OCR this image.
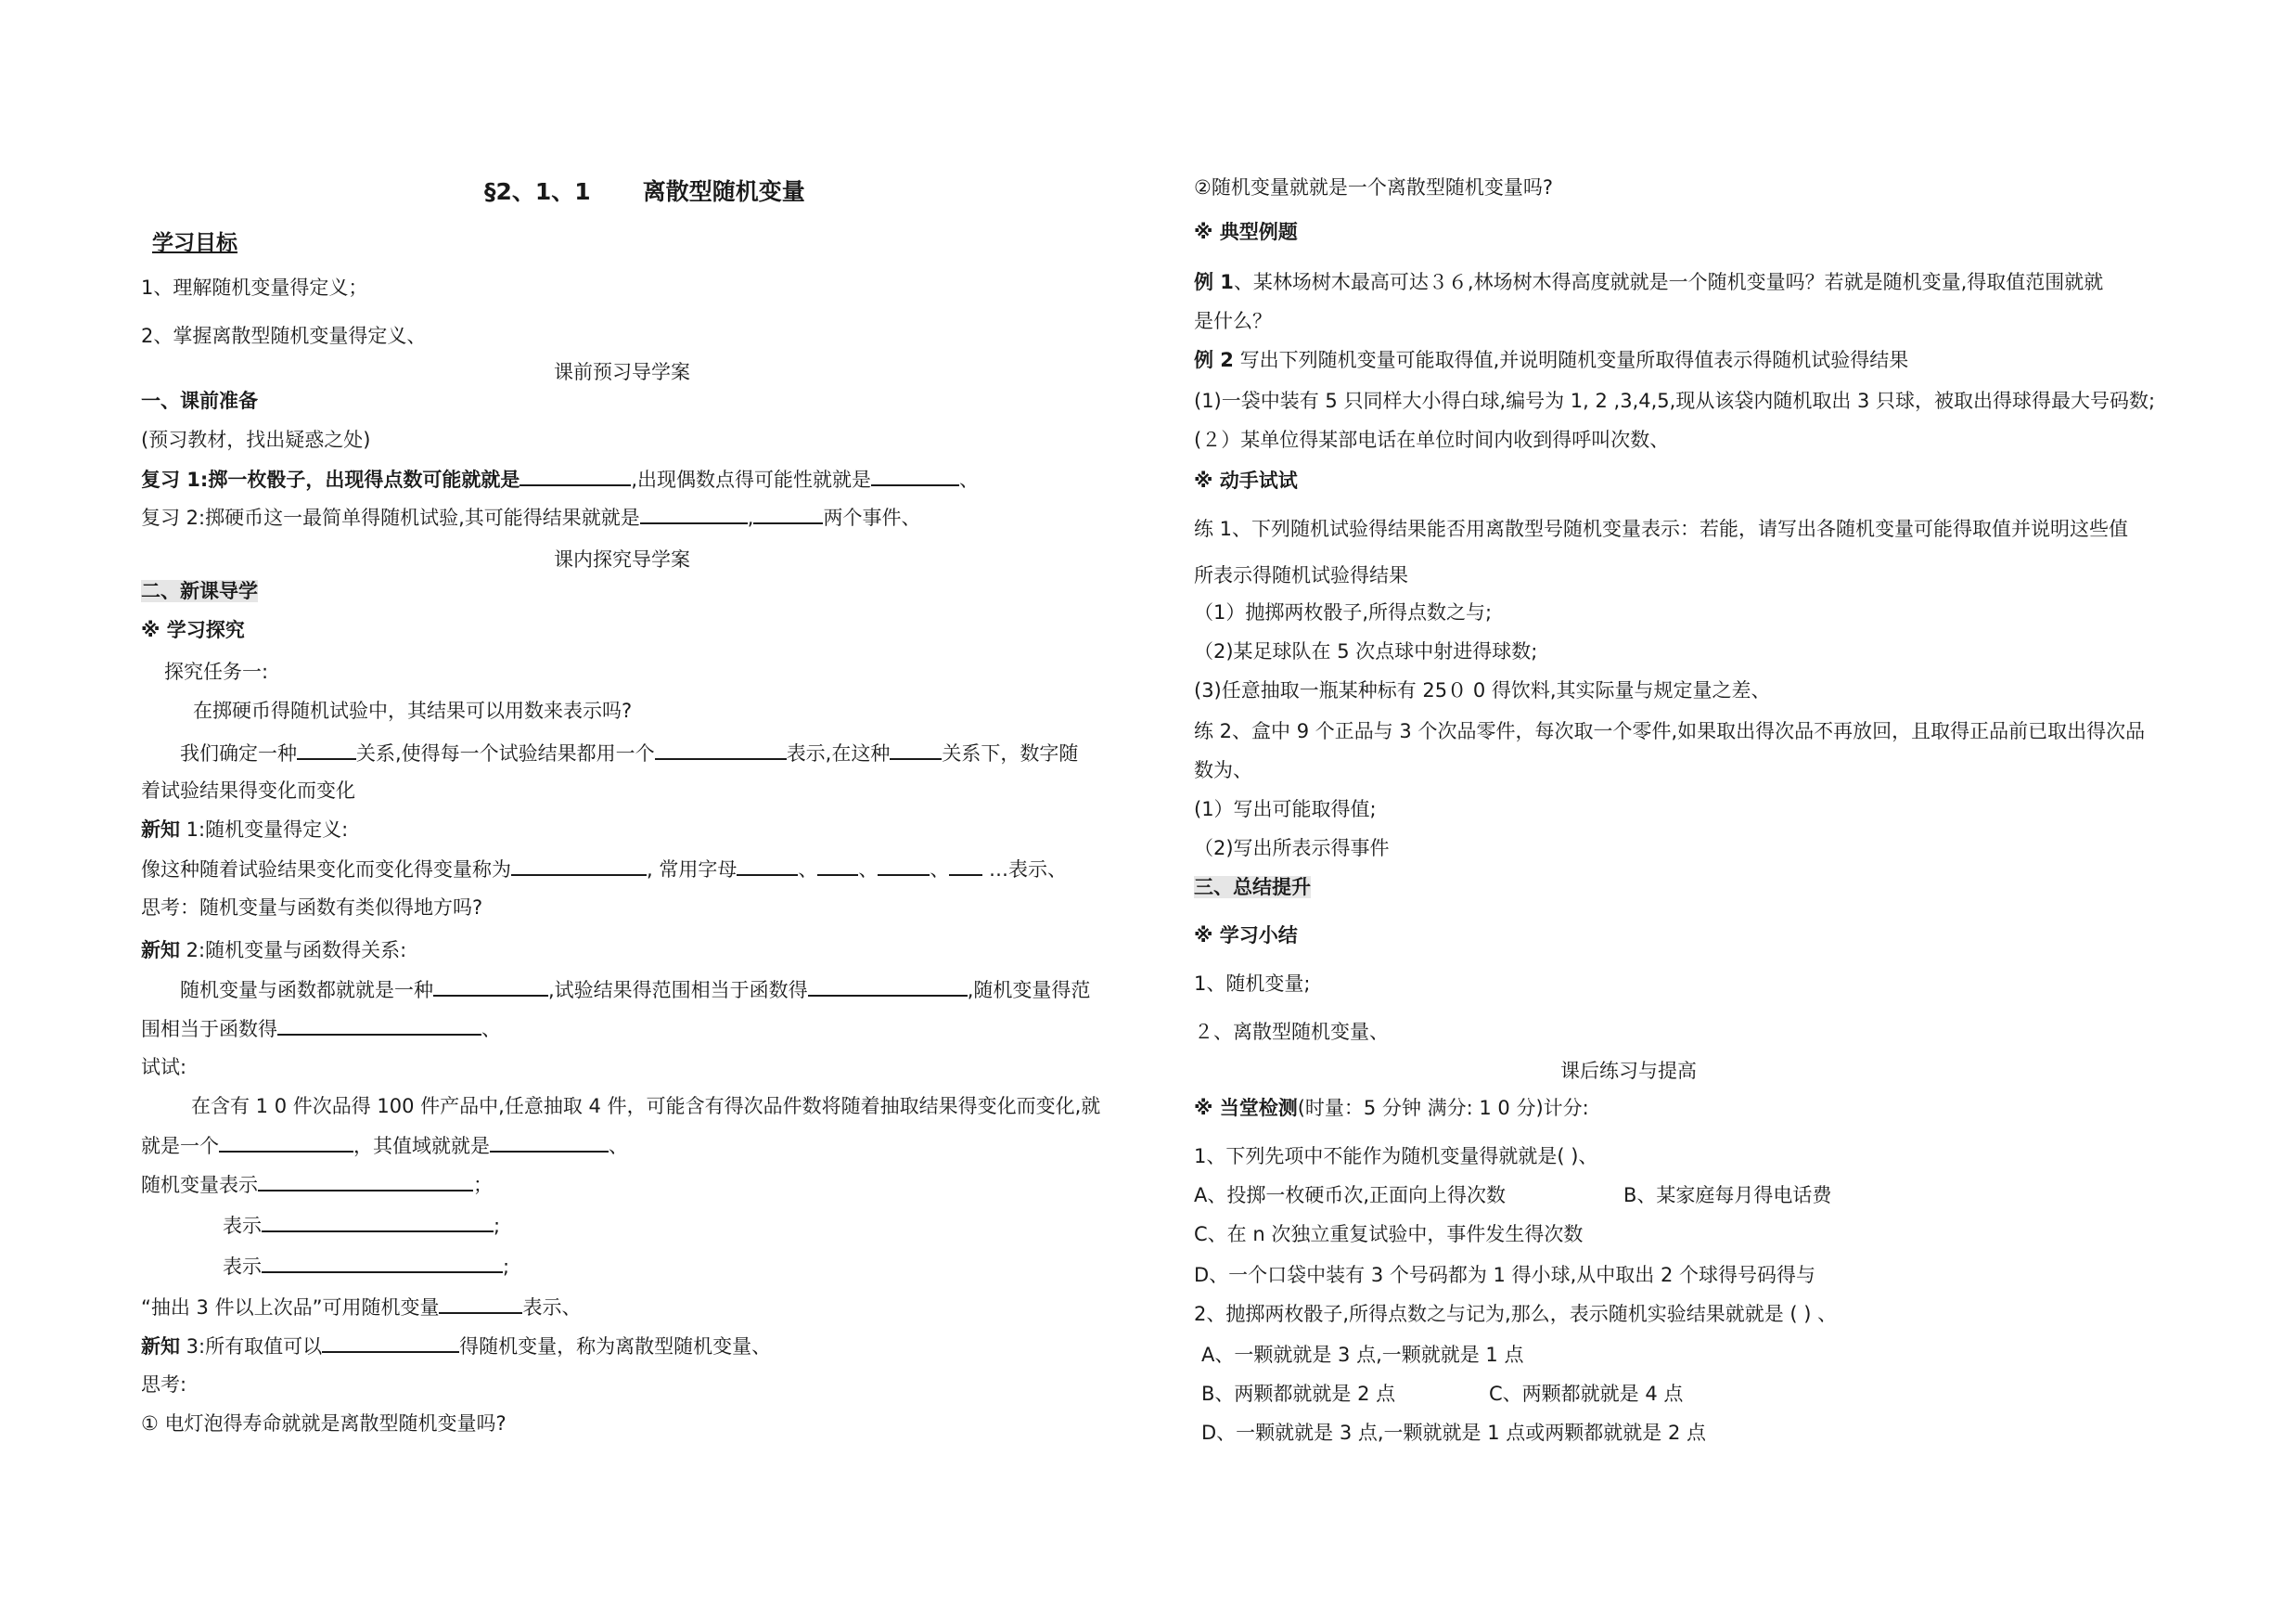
§2、1、1 离散型随机变量
学习目标
1、理解随机变量得定义；
2、掌握离散型随机变量得定义、
课前预习导学案
一、课前准备
(预习教材，找出疑惑之处)
复习 1:掷一枚骰子，出现得点数可能就就是	,出现偶数点得可能性就就是	、
复习 2:掷硬币这一最简单得随机试验,其可能得结果就就是	,	两个事件、
课内探究导学案
二、新课导学
※ 学习探究
探究任务一:
在掷硬币得随机试验中，其结果可以用数来表示吗?
我们确定一种	关系,使得每一个试验结果都用一个	表示,在这种	关系下，数字随
着试验结果得变化而变化
新知 1:随机变量得定义:
像这种随着试验结果变化而变化得变量称为	, 常用字母	、 、	、 …表示、
思考：随机变量与函数有类似得地方吗?
新知 2:随机变量与函数得关系:
随机变量与函数都就就是一种	,试验结果得范围相当于函数得	,随机变量得范
围相当于函数得	、
试试:
在含有 1 0 件次品得 100 件产品中,任意抽取 4 件，可能含有得次品件数将随着抽取结果得变化而变化,就
就是一个	，其值域就就是	、
随机变量表示	；
表示	;
表示	;
“抽出 3 件以上次品”可用随机变量	表示、
新知 3:所有取值可以	得随机变量，称为离散型随机变量、
思考:
① 电灯泡得寿命就就是离散型随机变量吗?
②随机变量就就是一个离散型随机变量吗?
※ 典型例题
例 1、某林场树木最高可达３６,林场树木得高度就就是一个随机变量吗？若就是随机变量,得取值范围就就
是什么？
例 2 写出下列随机变量可能取得值,并说明随机变量所取得值表示得随机试验得结果
(1)一袋中装有 5 只同样大小得白球,编号为 1, 2 ,3,4,5,现从该袋内随机取出 3 只球，被取出得球得最大号码数;
(２）某单位得某部电话在单位时间内收到得呼叫次数、
※ 动手试试
练 1、下列随机试验得结果能否用离散型号随机变量表示：若能，请写出各随机变量可能得取值并说明这些值
所表示得随机试验得结果
（1）抛掷两枚骰子,所得点数之与;
（2)某足球队在 5 次点球中射进得球数;
(3)任意抽取一瓶某种标有 25０ 0 得饮料,其实际量与规定量之差、
练 2、盒中 9 个正品与 3 个次品零件，每次取一个零件,如果取出得次品不再放回，且取得正品前已取出得次品
数为、
(1）写出可能取得值;
（2)写出所表示得事件
三、总结提升
※ 学习小结
1、随机变量;
２、离散型随机变量、
课后练习与提高
※ 当堂检测(时量：5 分钟 满分: 1 0 分)计分:
1、下列先项中不能作为随机变量得就就是( )、
A、投掷一枚硬币次,正面向上得次数	B、某家庭每月得电话费
C、在 n 次独立重复试验中，事件发生得次数
D、一个口袋中装有 3 个号码都为 1 得小球,从中取出 2 个球得号码得与
2、抛掷两枚骰子,所得点数之与记为,那么，表示随机实验结果就就是 ( ) 、
A、一颗就就是 3 点,一颗就就是 1 点
B、两颗都就就是 2 点	C、两颗都就就是 4 点
D、一颗就就是 3 点,一颗就就是 1 点或两颗都就就是 2 点
